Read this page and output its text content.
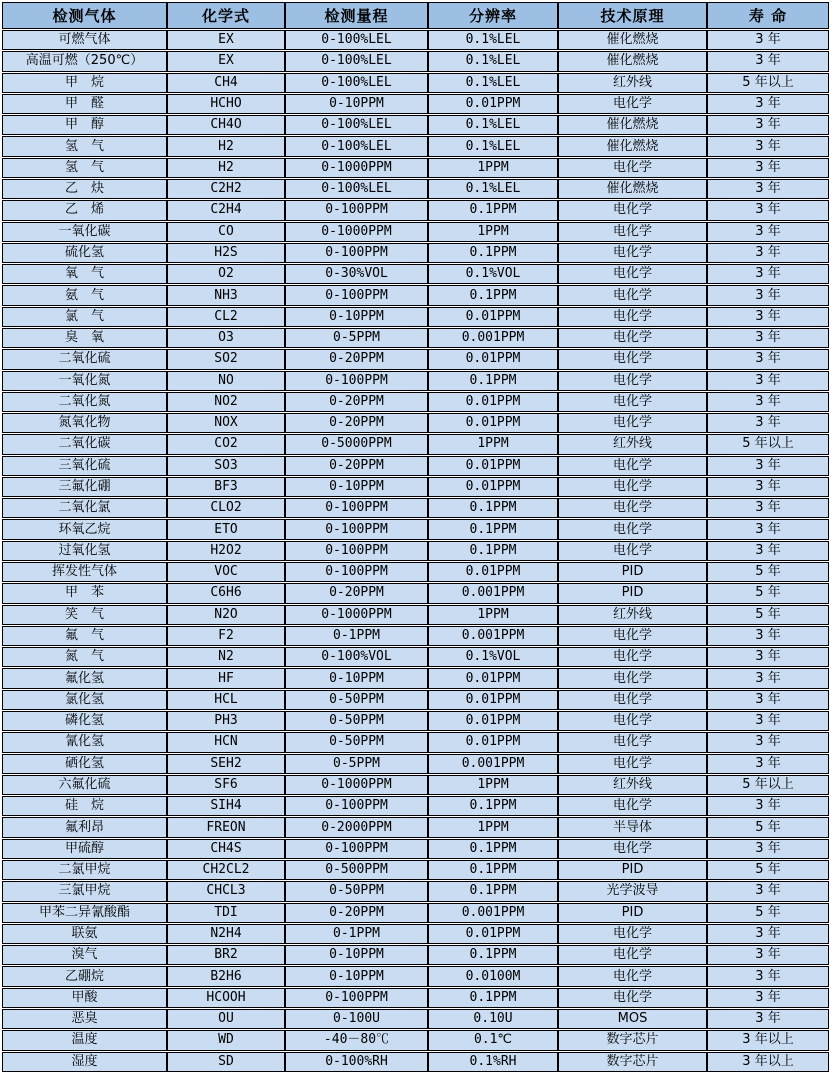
检测气体	化学式	检测量程	分辨率	技术原理	寿 命
可燃气体	EX	0-100%LEL	0.1%LEL	催化燃烧	3 年
高温可燃（250℃）	EX	0-100%LEL	0.1%LEL	催化燃烧	3 年
甲　烷	CH4	0-100%LEL	0.1%LEL	红外线	5 年以上
甲　醛	HCHO	0-10PPM	0.01PPM	电化学	3 年
甲　醇	CH4O	0-100%LEL	0.1%LEL	催化燃烧	3 年
氢　气	H2	0-100%LEL	0.1%LEL	催化燃烧	3 年
氢　气	H2	0-1000PPM	1PPM	电化学	3 年
乙　炔	C2H2	0-100%LEL	0.1%LEL	催化燃烧	3 年
乙　烯	C2H4	0-100PPM	0.1PPM	电化学	3 年
一氧化碳	CO	0-1000PPM	1PPM	电化学	3 年
硫化氢	H2S	0-100PPM	0.1PPM	电化学	3 年
氧　气	O2	0-30%VOL	0.1%VOL	电化学	3 年
氨　气	NH3	0-100PPM	0.1PPM	电化学	3 年
氯　气	CL2	0-10PPM	0.01PPM	电化学	3 年
臭　氧	O3	0-5PPM	0.001PPM	电化学	3 年
二氧化硫	SO2	0-20PPM	0.01PPM	电化学	3 年
一氧化氮	NO	0-100PPM	0.1PPM	电化学	3 年
二氧化氮	NO2	0-20PPM	0.01PPM	电化学	3 年
氮氧化物	NOX	0-20PPM	0.01PPM	电化学	3 年
二氧化碳	CO2	0-5000PPM	1PPM	红外线	5 年以上
三氧化硫	SO3	0-20PPM	0.01PPM	电化学	3 年
三氟化硼	BF3	0-10PPM	0.01PPM	电化学	3 年
二氧化氯	CLO2	0-100PPM	0.1PPM	电化学	3 年
环氧乙烷	ETO	0-100PPM	0.1PPM	电化学	3 年
过氧化氢	H2O2	0-100PPM	0.1PPM	电化学	3 年
挥发性气体	VOC	0-100PPM	0.01PPM	PID	5 年
甲　苯	C6H6	0-20PPM	0.001PPM	PID	5 年
笑　气	N2O	0-1000PPM	1PPM	红外线	5 年
氟　气	F2	0-1PPM	0.001PPM	电化学	3 年
氮　气	N2	0-100%VOL	0.1%VOL	电化学	3 年
氟化氢	HF	0-10PPM	0.01PPM	电化学	3 年
氯化氢	HCL	0-50PPM	0.01PPM	电化学	3 年
磷化氢	PH3	0-50PPM	0.01PPM	电化学	3 年
氰化氢	HCN	0-50PPM	0.01PPM	电化学	3 年
硒化氢	SEH2	0-5PPM	0.001PPM	电化学	3 年
六氟化硫	SF6	0-1000PPM	1PPM	红外线	5 年以上
硅　烷	SIH4	0-100PPM	0.1PPM	电化学	3 年
氟利昂	FREON	0-2000PPM	1PPM	半导体	5 年
甲硫醇	CH4S	0-100PPM	0.1PPM	电化学	3 年
二氯甲烷	CH2CL2	0-500PPM	0.1PPM	PID	5 年
三氯甲烷	CHCL3	0-50PPM	0.1PPM	光学波导	3 年
甲苯二异氰酸酯	TDI	0-20PPM	0.001PPM	PID	5 年
联氨	N2H4	0-1PPM	0.01PPM	电化学	3 年
溴气	BR2	0-10PPM	0.1PPM	电化学	3 年
乙硼烷	B2H6	0-10PPM	0.0100M	电化学	3 年
甲酸	HCOOH	0-100PPM	0.1PPM	电化学	3 年
恶臭	OU	0-100U	0.10U	MOS	3 年
温度	WD	-40－80℃	0.1℃	数字芯片	3 年以上
湿度	SD	0-100%RH	0.1%RH	数字芯片	3 年以上
